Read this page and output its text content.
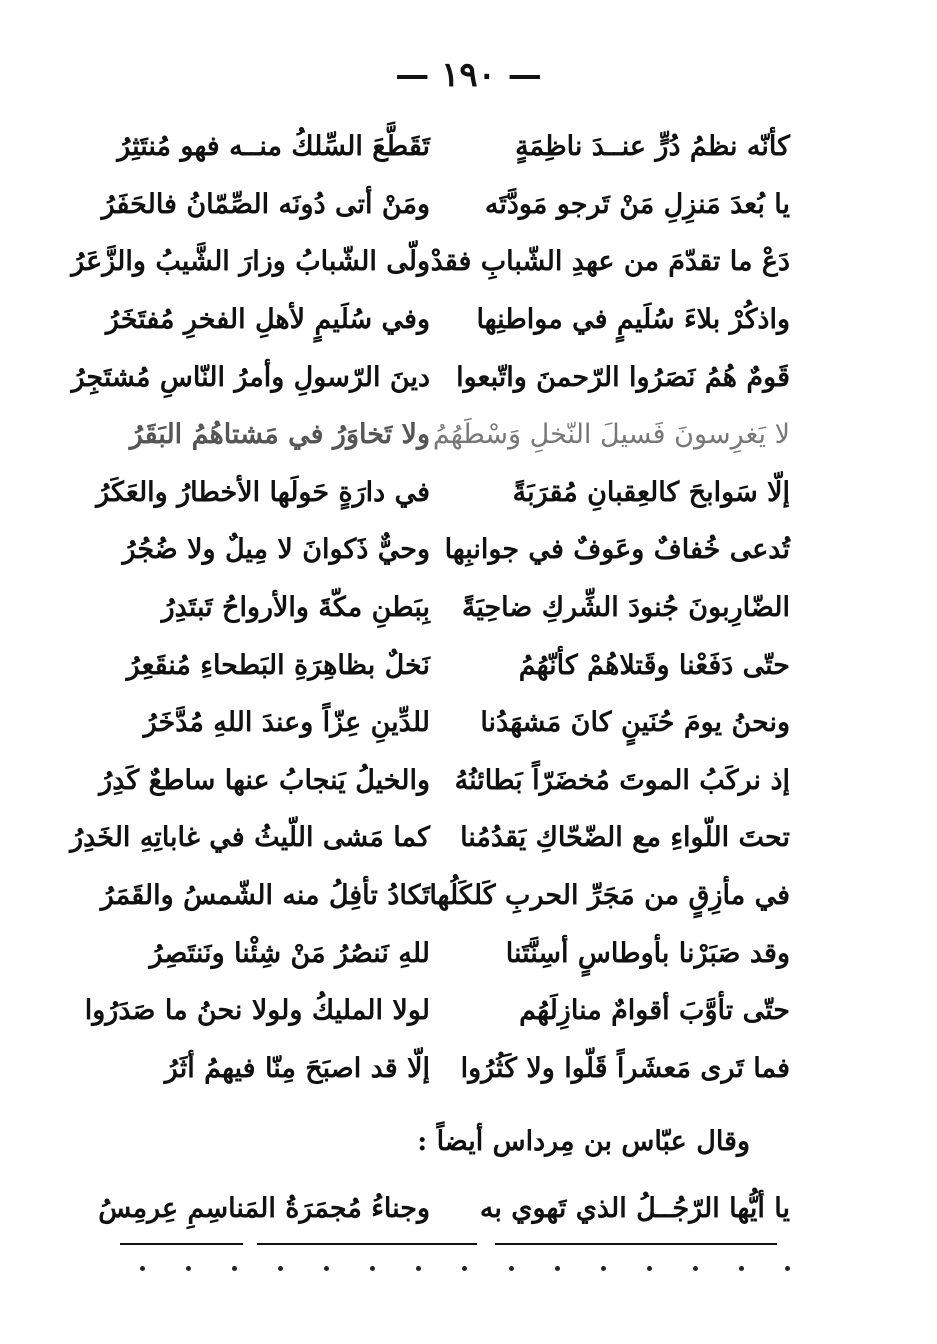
— ١٩٠ —
كأنّه نظمُ دُرٍّ عنــدَ ناظِمَةٍ
تَقَطَّعَ السِّلكُ منــه فهو مُنتَثِرُ
يا بُعدَ مَنزِلِ مَنْ تَرجو مَودَّتَه
ومَنْ أتى دُونَه الصِّمّانُ فالحَفَرُ
دَعْ ما تقدّمَ من عهدِ الشّبابِ فقدْ
ولّى الشّبابُ وزارَ الشَّيبُ والزَّعَرُ
واذكُرْ بلاءَ سُلَيمٍ في مواطنِها
وفي سُلَيمٍ لأهلِ الفخرِ مُفتَخَرُ
قَومٌ هُمُ نَصَرُوا الرّحمنَ واتّبعوا
دينَ الرّسولِ وأمرُ النّاسِ مُشتَجِرُ
لا يَغرِسونَ فَسيلَ النّخلِ وَسْطَهُمُ
ولا تَخاوَرُ في مَشتاهُمُ البَقَرُ
إلّا سَوابحَ كالعِقبانِ مُقرَبَةً
في دارَةٍ حَولَها الأخطارُ والعَكَرُ
تُدعى خُفافٌ وعَوفٌ في جوانبِها
وحيٌّ ذَكوانَ لا مِيلٌ ولا ضُجُرُ
الضّارِبونَ جُنودَ الشِّركِ ضاحِيَةً
بِبَطنِ مكّةَ والأرواحُ تَبتَدِرُ
حتّى دَفَعْنا وقَتلاهُمْ كأنّهُمُ
نَخلٌ بظاهِرَةِ البَطحاءِ مُنقَعِرُ
ونحنُ يومَ حُنَينٍ كانَ مَشهَدُنا
للدِّينِ عِزّاً وعندَ اللهِ مُدَّخَرُ
إذ نركَبُ الموتَ مُخضَرّاً بَطائنُهُ
والخيلُ يَنجابُ عنها ساطعٌ كَدِرُ
تحتَ اللّواءِ مع الضّحّاكِ يَقدُمُنا
كما مَشى اللّيثُ في غاباتِهِ الخَدِرُ
في مأزِقٍ من مَجَرِّ الحربِ كَلكَلُها
تَكادُ تأفِلُ منه الشّمسُ والقَمَرُ
وقد صَبَرْنا بأوطاسٍ أسِنَّتَنا
للهِ نَنصُرُ مَنْ شِئْنا ونَنتَصِرُ
حتّى تأوَّبَ أقوامٌ منازِلَهُم
لولا المليكُ ولولا نحنُ ما صَدَرُوا
فما تَرى مَعشَراً قَلّوا ولا كَثُرُوا
إلّا قد اصبَحَ مِنّا فيهمُ أثَرُ
وقال عبّاس بن مِرداس أيضاً :
يا أيُّها الرّجُــلُ الذي تَهوي به
وجناءُ مُجمَرَةُ المَناسِمِ عِرمِسُ
